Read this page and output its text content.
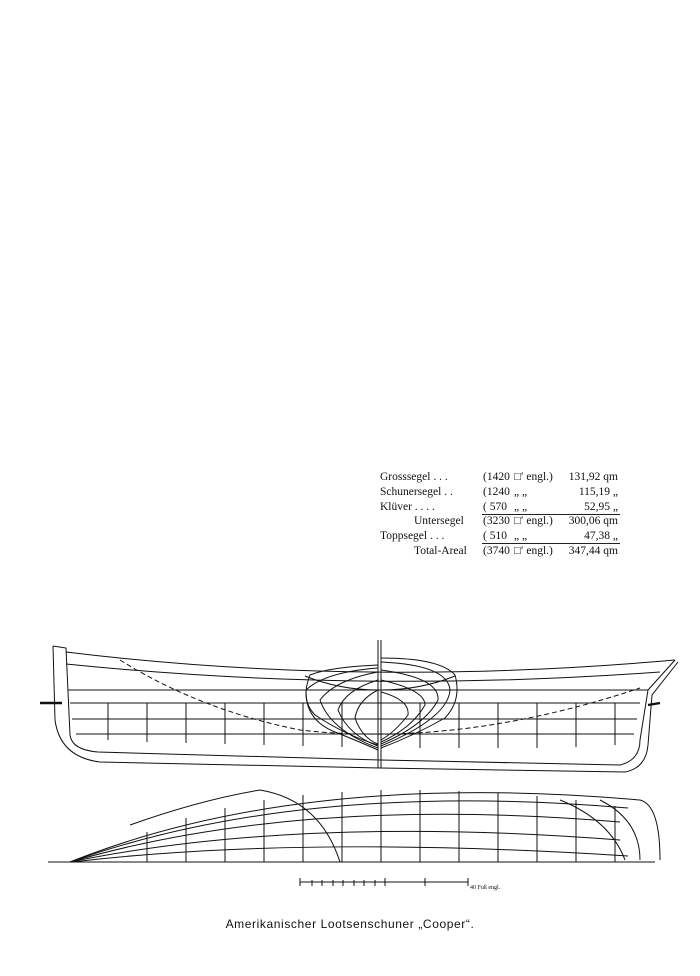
40 Fuß engl.
Grosssegel . . .	(1420 □′ engl.) 131,92 qm
Schunersegel . .	(1240 „ „	115,19 „
Klüver . . . .	( 570 „ „	52,95 „
Untersegel (3230 □′ engl.) 300,06 qm
Toppsegel . . .	( 510 „ „	47,38 „
Total-Areal (3740 □′ engl.) 347,44 qm
Amerikanischer Lootsenschuner „Cooper“.
